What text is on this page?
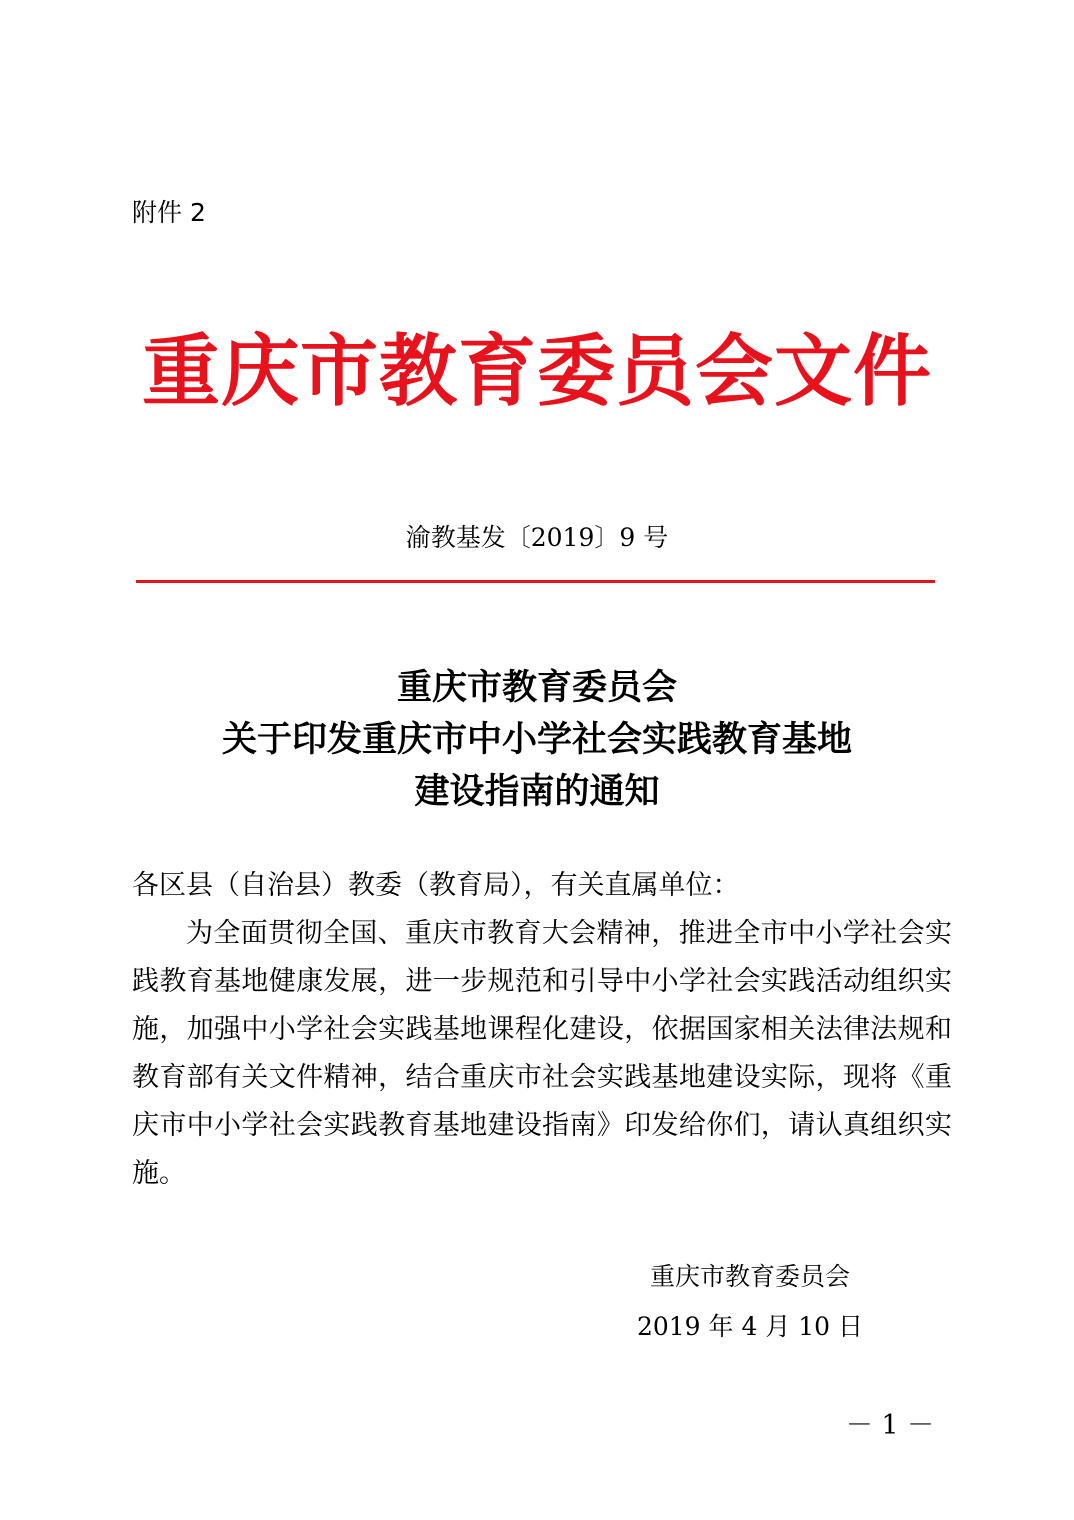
附件 2
重庆市教育委员会文件
渝教基发〔2019〕9 号
重庆市教育委员会
关于印发重庆市中小学社会实践教育基地
建设指南的通知
各区县（自治县）教委（教育局），有关直属单位：

为全面贯彻全国、重庆市教育大会精神，推进全市中小学社会实践教育基地健康发展，进一步规范和引导中小学社会实践活动组织实施，加强中小学社会实践基地课程化建设，依据国家相关法律法规和教育部有关文件精神，结合重庆市社会实践基地建设实际，现将《重庆市中小学社会实践教育基地建设指南》印发给你们，请认真组织实施。

重庆市教育委员会
2019 年 4 月 10 日
－ 1 －
